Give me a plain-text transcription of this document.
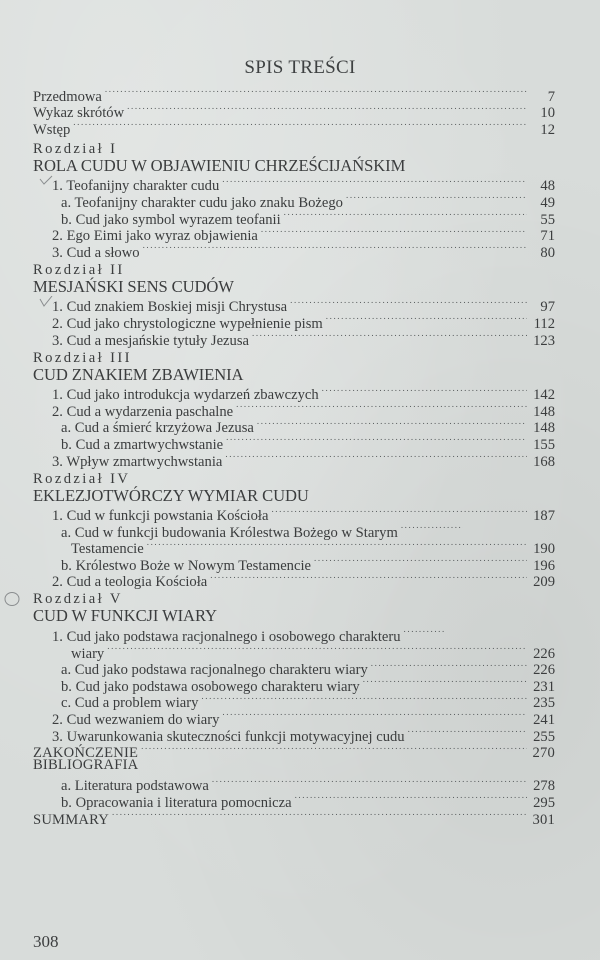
SPIS TREŚCI
Przedmowa .....	7
Wykaz skrótów .....	10
Wstęp .....	12
Rozdział I
ROLA CUDU W OBJAWIENIU CHRZEŚCIJAŃSKIM
1. Teofanijny charakter cudu .....	48
a. Teofanijny charakter cudu jako znaku Bożego .....	49
b. Cud jako symbol wyrazem teofanii .....	55
2. Ego Eimi jako wyraz objawienia .....	71
3. Cud a słowo .....	80
Rozdział II
MESJAŃSKI SENS CUDÓW
1. Cud znakiem Boskiej misji Chrystusa .....	97
2. Cud jako chrystologiczne wypełnienie pism .....	112
3. Cud a mesjańskie tytuły Jezusa .....	123
Rozdział III
CUD ZNAKIEM ZBAWIENIA
1. Cud jako introdukcja wydarzeń zbawczych .....	142
2. Cud a wydarzenia paschalne .....	148
a. Cud a śmierć krzyżowa Jezusa .....	148
b. Cud a zmartwychwstanie .....	155
3. Wpływ zmartwychwstania .....	168
Rozdział IV
EKLEZJOTWÓRCZY WYMIAR CUDU
1. Cud w funkcji powstania Kościoła .....	187
a. Cud w funkcji budowania Królestwa Bożego w Starym
.....
Testamencie .....	190
b. Królestwo Boże w Nowym Testamencie .....	196
2. Cud a teologia Kościoła .....	209
Rozdział V
CUD W FUNKCJI WIARY
1. Cud jako podstawa racjonalnego i osobowego charakteru
.....
wiary .....	226
a. Cud jako podstawa racjonalnego charakteru wiary .....	226
b. Cud jako podstawa osobowego charakteru wiary .....	231
c. Cud a problem wiary .....	235
2. Cud wezwaniem do wiary .....	241
3. Uwarunkowania skuteczności funkcji motywacyjnej cudu .....	255
ZAKOŃCZENIE .....	270
BIBLIOGRAFIA
a. Literatura podstawowa .....	278
b. Opracowania i literatura pomocnicza .....	295
SUMMARY .....	301
308
